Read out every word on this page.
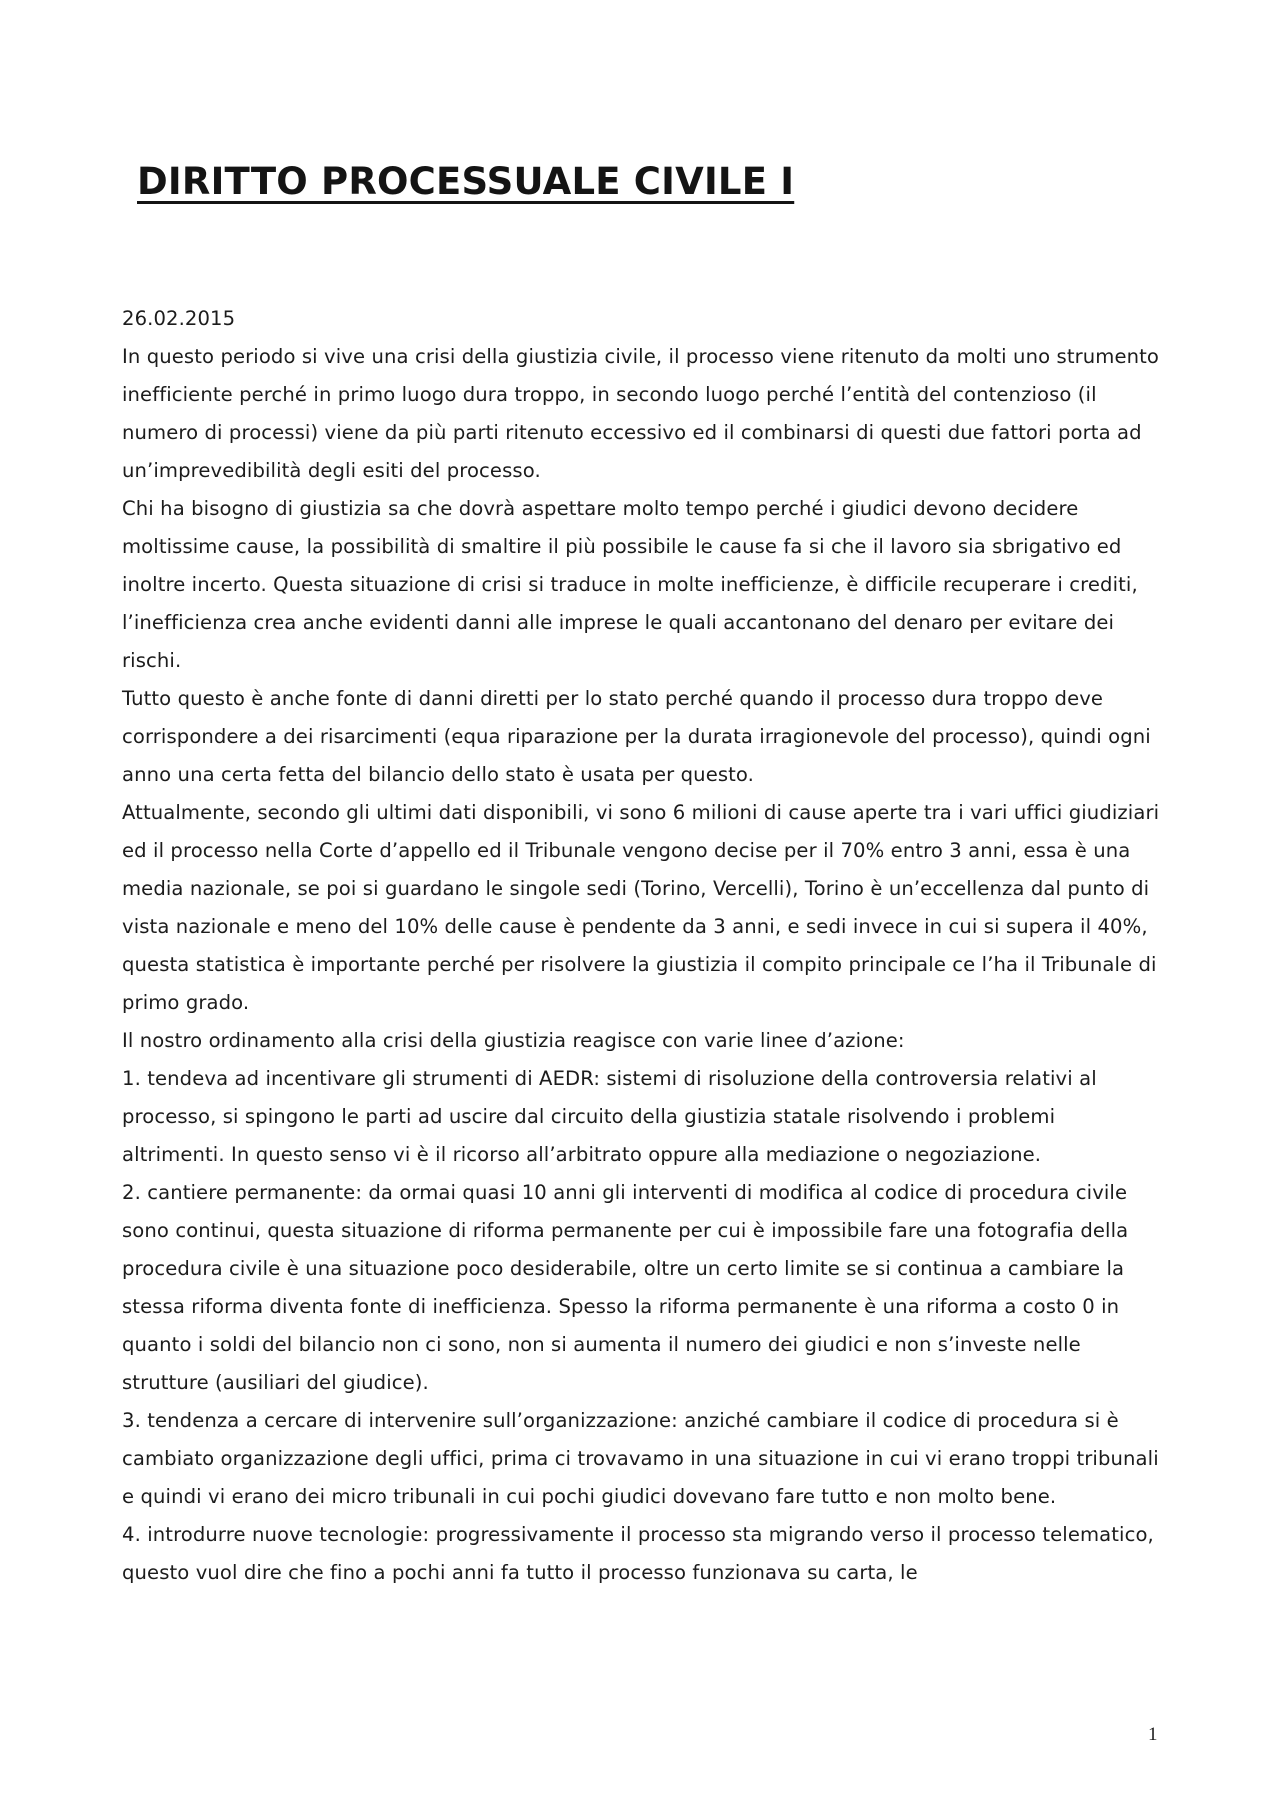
DIRITTO PROCESSUALE CIVILE I

26.02.2015

In questo periodo si vive una crisi della giustizia civile, il processo viene ritenuto da molti uno strumento inefficiente perché in primo luogo dura troppo, in secondo luogo perché l’entità del contenzioso (il numero di processi) viene da più parti ritenuto eccessivo ed il combinarsi di questi due fattori porta ad un’imprevedibilità degli esiti del processo.

Chi ha bisogno di giustizia sa che dovrà aspettare molto tempo perché i giudici devono decidere moltissime cause, la possibilità di smaltire il più possibile le cause fa si che il lavoro sia sbrigativo ed inoltre incerto. Questa situazione di crisi si traduce in molte inefficienze, è difficile recuperare i crediti, l’inefficienza crea anche evidenti danni alle imprese le quali accantonano del denaro per evitare dei rischi.

Tutto questo è anche fonte di danni diretti per lo stato perché quando il processo dura troppo deve corrispondere a dei risarcimenti (equa riparazione per la durata irragionevole del processo), quindi ogni anno una certa fetta del bilancio dello stato è usata per questo.

Attualmente, secondo gli ultimi dati disponibili, vi sono 6 milioni di cause aperte tra i vari uffici giudiziari ed il processo nella Corte d’appello ed il Tribunale vengono decise per il 70% entro 3 anni, essa è una media nazionale, se poi si guardano le singole sedi (Torino, Vercelli), Torino è un’eccellenza dal punto di vista nazionale e meno del 10% delle cause è pendente da 3 anni, e sedi invece in cui si supera il 40%, questa statistica è importante perché per risolvere la giustizia il compito principale ce l’ha il Tribunale di primo grado.

Il nostro ordinamento alla crisi della giustizia reagisce con varie linee d’azione:

1. tendeva ad incentivare gli strumenti di AEDR: sistemi di risoluzione della controversia relativi al processo, si spingono le parti ad uscire dal circuito della giustizia statale risolvendo i problemi altrimenti. In questo senso vi è il ricorso all’arbitrato oppure alla mediazione o negoziazione.

2. cantiere permanente: da ormai quasi 10 anni gli interventi di modifica al codice di procedura civile sono continui, questa situazione di riforma permanente per cui è impossibile fare una fotografia della procedura civile è una situazione poco desiderabile, oltre un certo limite se si continua a cambiare la stessa riforma diventa fonte di inefficienza. Spesso la riforma permanente è una riforma a costo 0 in quanto i soldi del bilancio non ci sono, non si aumenta il numero dei giudici e non s’investe nelle strutture (ausiliari del giudice).

3. tendenza a cercare di intervenire sull’organizzazione: anziché cambiare il codice di procedura si è cambiato organizzazione degli uffici, prima ci trovavamo in una situazione in cui vi erano troppi tribunali e quindi vi erano dei micro tribunali in cui pochi giudici dovevano fare tutto e non molto bene.

4. introdurre nuove tecnologie: progressivamente il processo sta migrando verso il processo telematico, questo vuol dire che fino a pochi anni fa tutto il processo funzionava su carta, le

1
